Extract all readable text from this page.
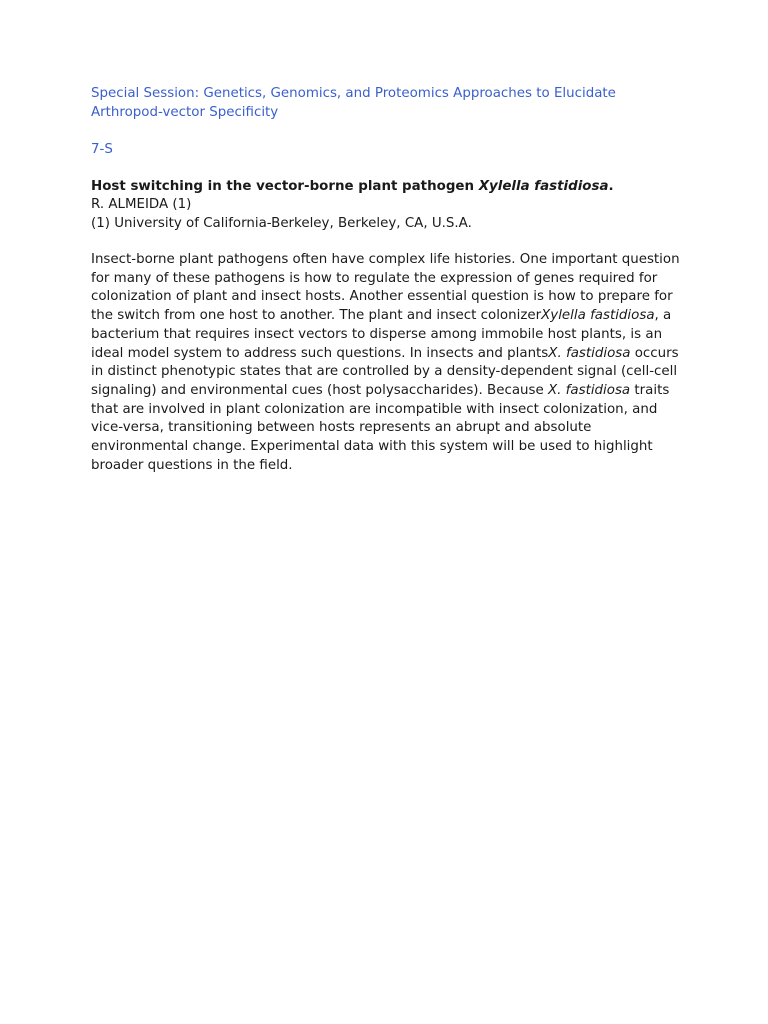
Special Session: Genetics, Genomics, and Proteomics Approaches to Elucidate Arthropod-vector Specificity

7-S

Host switching in the vector-borne plant pathogen Xylella fastidiosa.

R. ALMEIDA (1)

(1) University of California-Berkeley, Berkeley, CA, U.S.A.

Insect-borne plant pathogens often have complex life histories. One important question for many of these pathogens is how to regulate the expression of genes required for colonization of plant and insect hosts. Another essential question is how to prepare for the switch from one host to another. The plant and insect colonizerXylella fastidiosa, a bacterium that requires insect vectors to disperse among immobile host plants, is an ideal model system to address such questions. In insects and plantsX. fastidiosa occurs in distinct phenotypic states that are controlled by a density-dependent signal (cell-cell signaling) and environmental cues (host polysaccharides). Because X. fastidiosa traits that are involved in plant colonization are incompatible with insect colonization, and vice-versa, transitioning between hosts represents an abrupt and absolute environmental change. Experimental data with this system will be used to highlight broader questions in the field.
